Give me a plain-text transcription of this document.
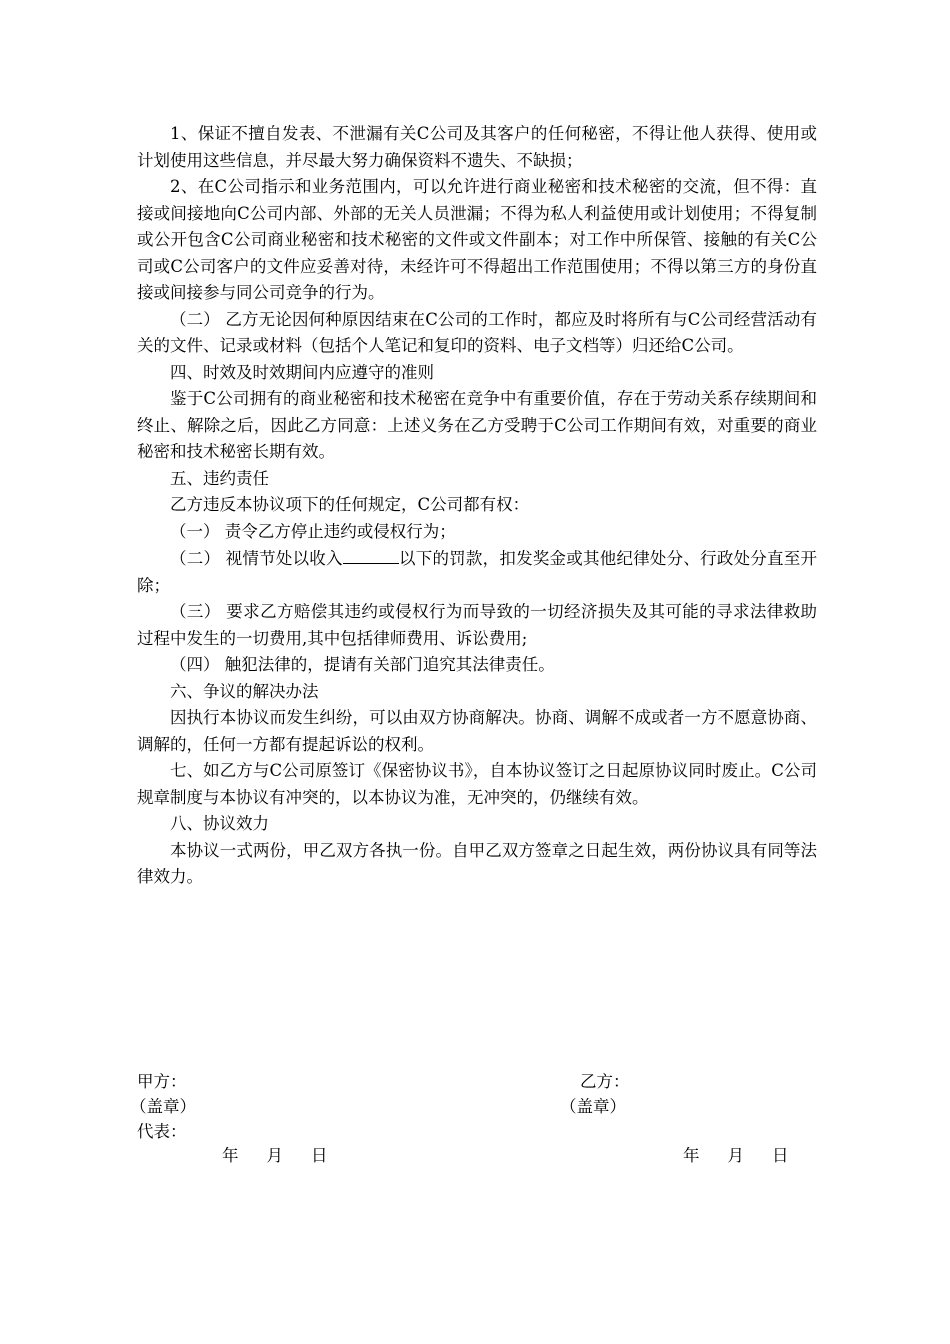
1、保证不擅自发表、不泄漏有关C公司及其客户的任何秘密，不得让他人获得、使用或计划使用这些信息，并尽最大努力确保资料不遗失、不缺损；

2、在C公司指示和业务范围内，可以允许进行商业秘密和技术秘密的交流，但不得：直接或间接地向C公司内部、外部的无关人员泄漏；不得为私人利益使用或计划使用；不得复制或公开包含C公司商业秘密和技术秘密的文件或文件副本；对工作中所保管、接触的有关C公司或C公司客户的文件应妥善对待，未经许可不得超出工作范围使用；不得以第三方的身份直接或间接参与同公司竞争的行为。

（二） 乙方无论因何种原因结束在C公司的工作时，都应及时将所有与C公司经营活动有关的文件、记录或材料（包括个人笔记和复印的资料、电子文档等）归还给C公司。

四、时效及时效期间内应遵守的准则

鉴于C公司拥有的商业秘密和技术秘密在竞争中有重要价值，存在于劳动关系存续期间和终止、解除之后，因此乙方同意：上述义务在乙方受聘于C公司工作期间有效，对重要的商业秘密和技术秘密长期有效。

五、违约责任

乙方违反本协议项下的任何规定，C公司都有权：

（一） 责令乙方停止违约或侵权行为；

（二） 视情节处以收入	以下的罚款，扣发奖金或其他纪律处分、行政处分直至开除；

（三） 要求乙方赔偿其违约或侵权行为而导致的一切经济损失及其可能的寻求法律救助过程中发生的一切费用,其中包括律师费用、诉讼费用;

（四） 触犯法律的，提请有关部门追究其法律责任。

六、争议的解决办法

因执行本协议而发生纠纷，可以由双方协商解决。协商、调解不成或者一方不愿意协商、调解的，任何一方都有提起诉讼的权利。

七、如乙方与C公司原签订《保密协议书》，自本协议签订之日起原协议同时废止。C公司规章制度与本协议有冲突的，以本协议为准，无冲突的，仍继续有效。

八、协议效力

本协议一式两份，甲乙双方各执一份。自甲乙双方签章之日起生效，两份协议具有同等法律效力。

甲方：	乙方：
（盖章）	（盖章）
代表：
年 月 日	年 月 日
